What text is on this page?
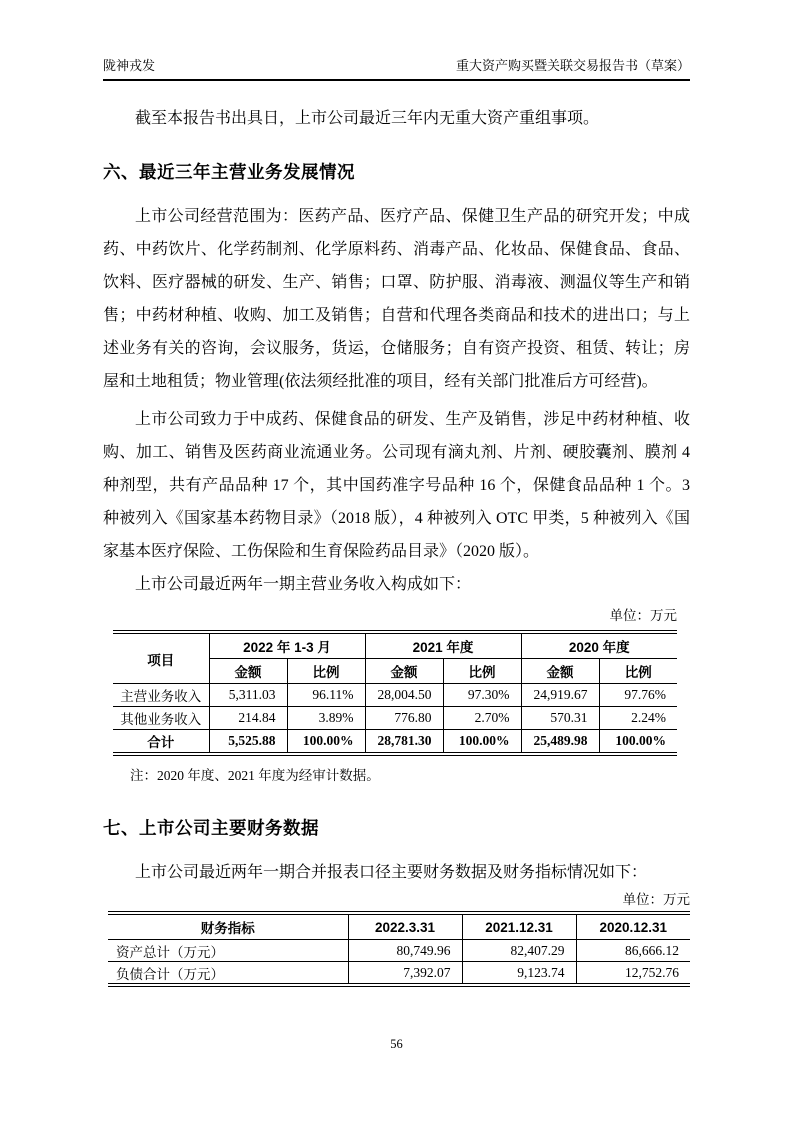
陇神戎发	重大资产购买暨关联交易报告书（草案）

截至本报告书出具日，上市公司最近三年内无重大资产重组事项。

六、最近三年主营业务发展情况

上市公司经营范围为：医药产品、医疗产品、保健卫生产品的研究开发；中成药、中药饮片、化学药制剂、化学原料药、消毒产品、化妆品、保健食品、食品、饮料、医疗器械的研发、生产、销售；口罩、防护服、消毒液、测温仪等生产和销售；中药材种植、收购、加工及销售；自营和代理各类商品和技术的进出口；与上述业务有关的咨询，会议服务，货运，仓储服务；自有资产投资、租赁、转让；房屋和土地租赁；物业管理(依法须经批准的项目，经有关部门批准后方可经营)。

上市公司致力于中成药、保健食品的研发、生产及销售，涉足中药材种植、收购、加工、销售及医药商业流通业务。公司现有滴丸剂、片剂、硬胶囊剂、膜剂 4 种剂型，共有产品品种 17 个，其中国药准字号品种 16 个，保健食品品种 1 个。3 种被列入《国家基本药物目录》（2018 版），4 种被列入 OTC 甲类，5 种被列入《国家基本医疗保险、工伤保险和生育保险药品目录》（2020 版）。

上市公司最近两年一期主营业务收入构成如下：

单位：万元

项目	2022 年 1-3 月		2021 年度		2020 年度	
	金额	比例	金额	比例	金额	比例
主营业务收入	5,311.03	96.11%	28,004.50	97.30%	24,919.67	97.76%
其他业务收入	214.84	3.89%	776.80	2.70%	570.31	2.24%
合计	5,525.88	100.00%	28,781.30	100.00%	25,489.98	100.00%

注：2020 年度、2021 年度为经审计数据。

七、上市公司主要财务数据

上市公司最近两年一期合并报表口径主要财务数据及财务指标情况如下：

单位：万元

财务指标	2022.3.31	2021.12.31	2020.12.31
资产总计（万元）	80,749.96	82,407.29	86,666.12
负债合计（万元）	7,392.07	9,123.74	12,752.76
56
